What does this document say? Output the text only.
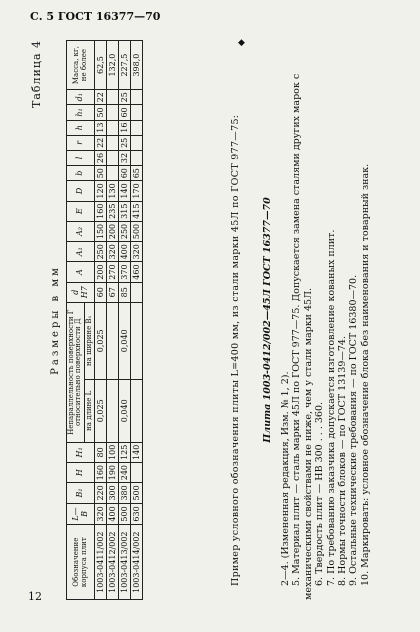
С. 5 ГОСТ 16377—70
◆
Таблица 4
Размеры в мм
Обозначение корпуса плит	L—B	B₁	H	H₁	Непараллельность поверхности Г относительно поверхности Д		d H7	A	A₁	A₂	E	D	b	l	r	h	h₁	d₁	Масса, кг, не более
					на длине L	на ширине B₁													
1003-0411/002	320	220	160	80	0,025	0,025	60	200	250	150	160	120	50	26	22	13	50	22	62,5
1003-0412/002	400	300	190	100			67	270	320	200	235	130							132,0
1003-0413/002	500	380	240	125	0,040	0,040	85	370	400	250	315	140	60	32	25	16	60	25	227,5
1003-0414/002	630	500		140				460	320	500	415	170	65						398,0
Пример условного обозначения плиты L=400 мм, из стали марки 45Л по ГОСТ 977—75: Плита 1003-0412/002—45Л ГОСТ 16377—70
2—4. (Измененная редакция, Изм. № 1, 2). 5. Материал плит — сталь марки 45Л по ГОСТ 977—75. Допускается замена сталями других марок с механическими свойствами не ниже, чем у стали марки 45Л. 6. Твердость плит — НВ 300 . . . 360. 7. По требованию заказчика допускается изготовление кованых плит. 8. Нормы точности блоков — по ГОСТ 13139—74. 9. Остальные технические требования — по ГОСТ 16380—70. 10. Маркировать: условное обозначение блока без наименования и товарный знак.
12
